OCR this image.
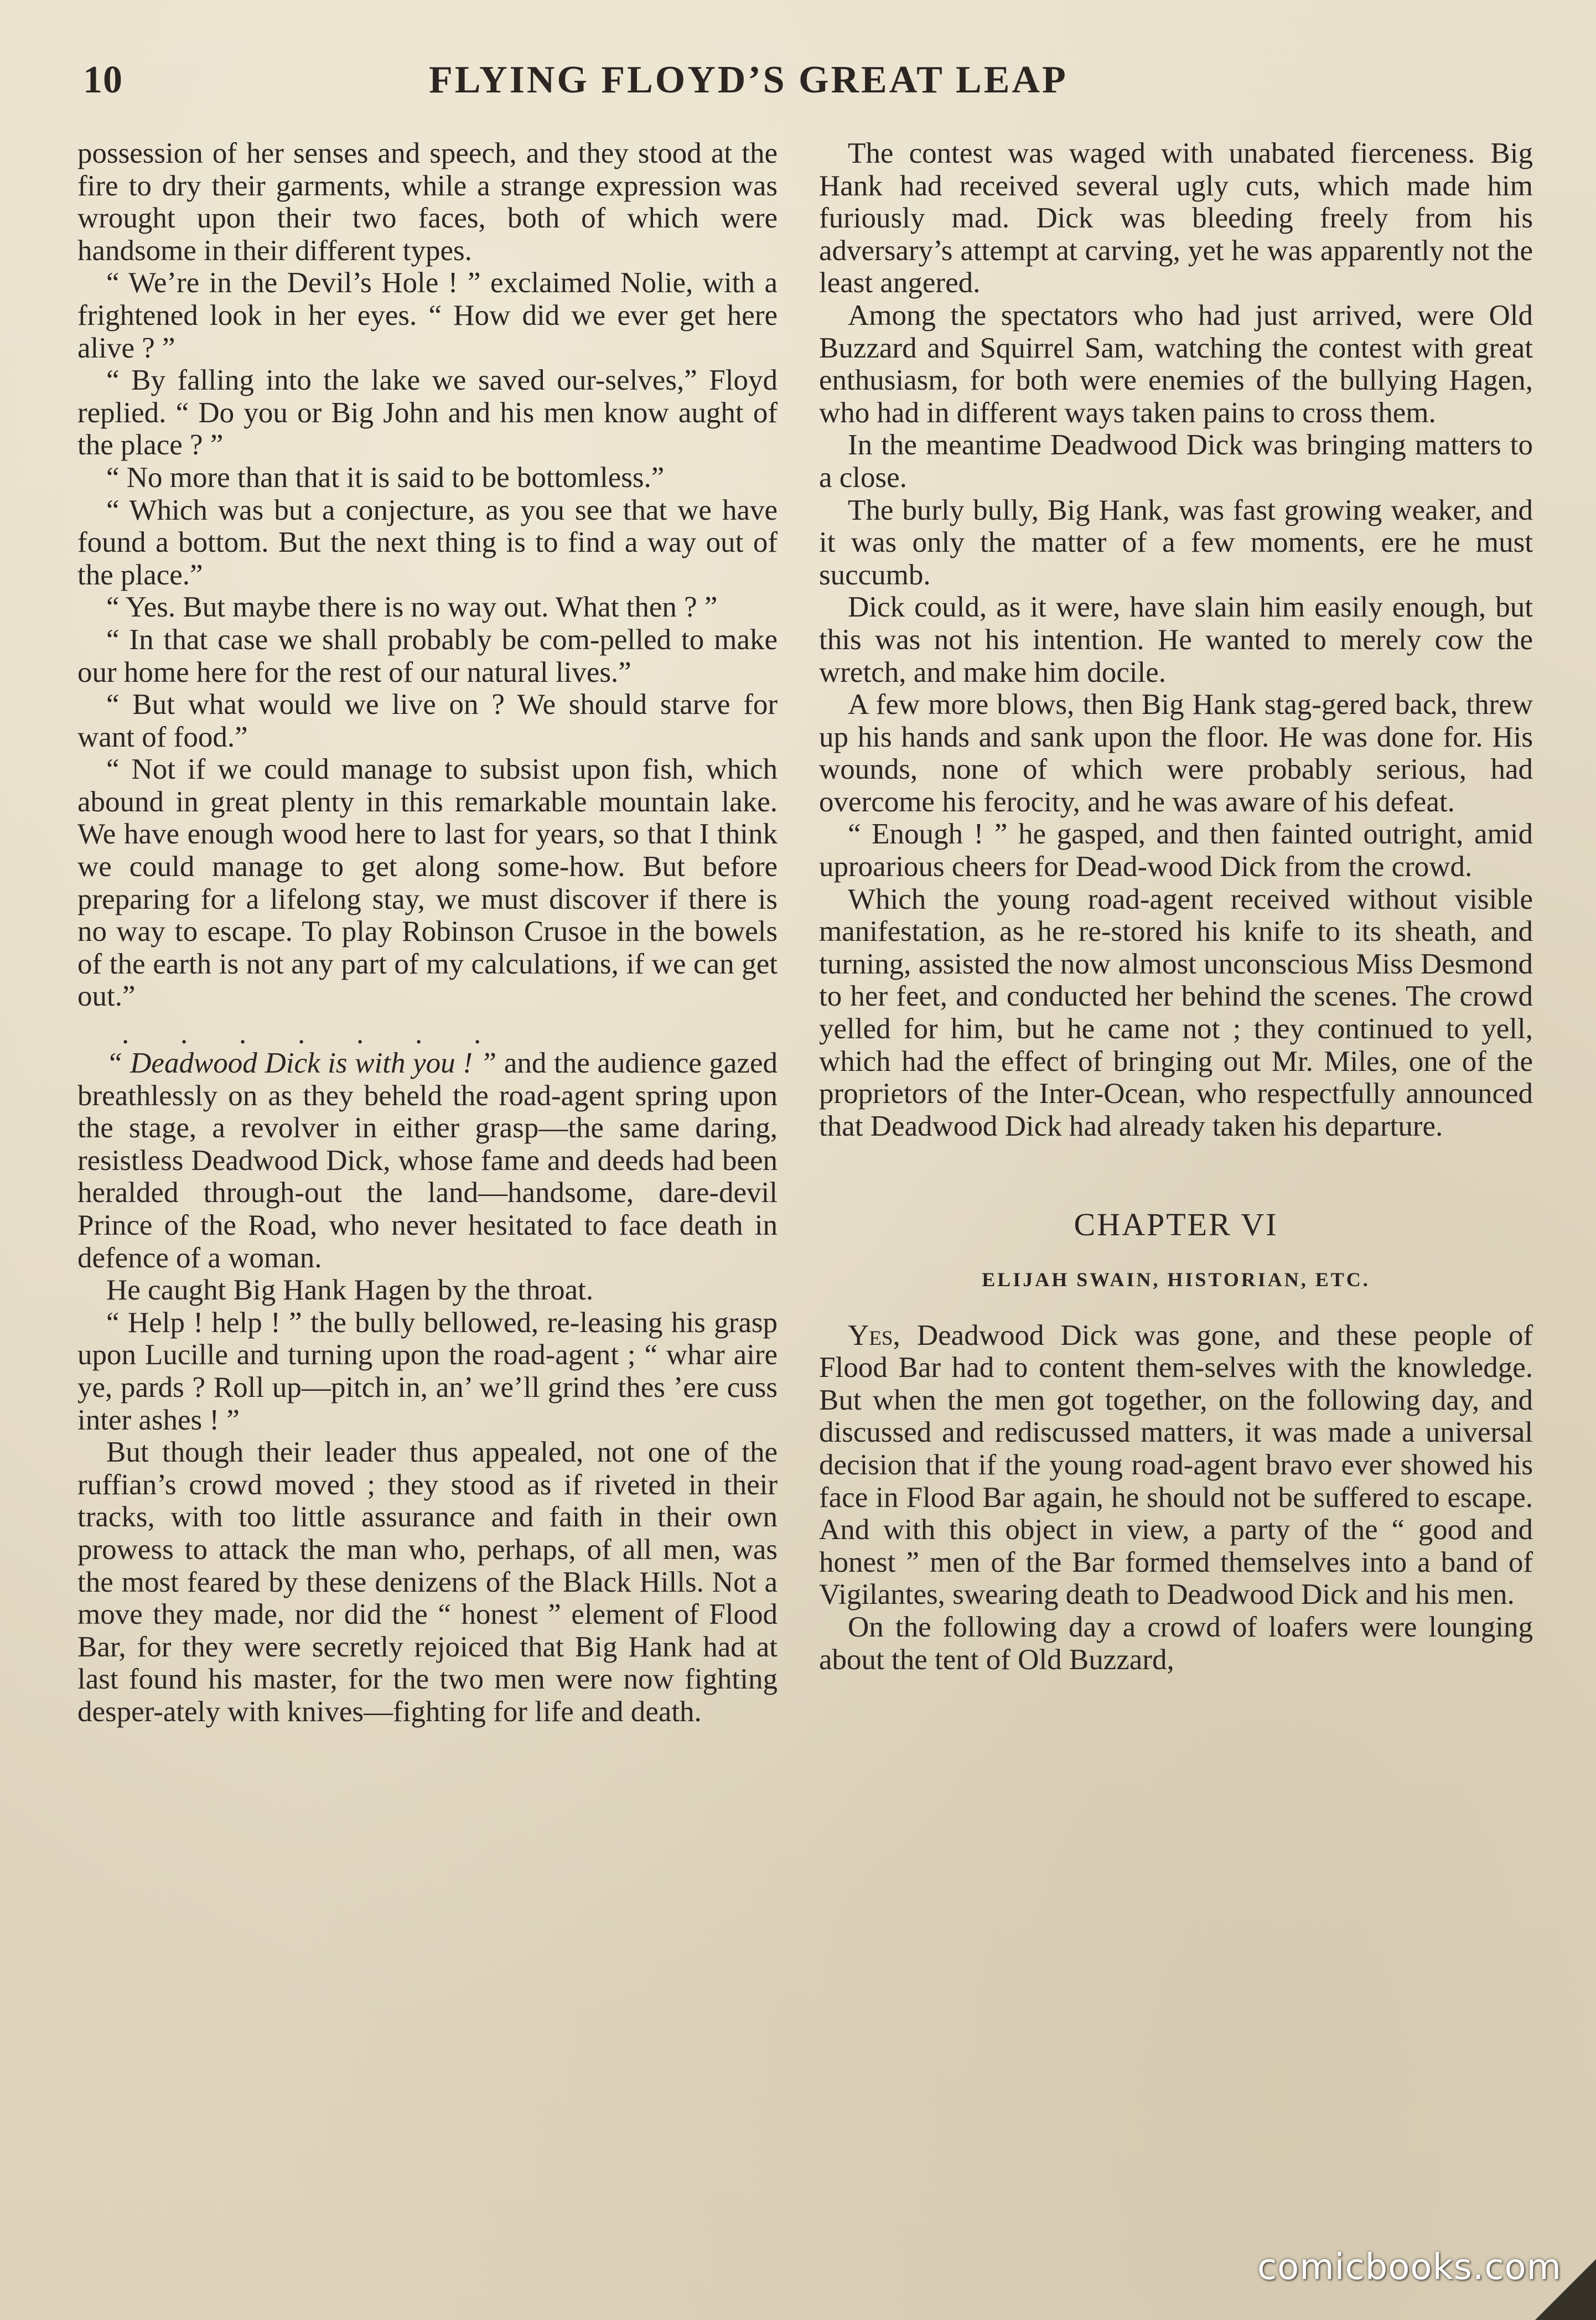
10	FLYING FLOYD’S GREAT LEAP

possession of her senses and speech, and they stood at the fire to dry their garments, while a strange expression was wrought upon their two faces, both of which were handsome in their different types.

“ We’re in the Devil’s Hole ! ” exclaimed Nolie, with a frightened look in her eyes. “ How did we ever get here alive ? ”

“ By falling into the lake we saved our-selves,” Floyd replied. “ Do you or Big John and his men know aught of the place ? ”

“ No more than that it is said to be bottomless.”

“ Which was but a conjecture, as you see that we have found a bottom. But the next thing is to find a way out of the place.”

“ Yes. But maybe there is no way out. What then ? ”

“ In that case we shall probably be com-pelled to make our home here for the rest of our natural lives.”

“ But what would we live on ? We should starve for want of food.”

“ Not if we could manage to subsist upon fish, which abound in great plenty in this remarkable mountain lake. We have enough wood here to last for years, so that I think we could manage to get along some-how. But before preparing for a lifelong stay, we must discover if there is no way to escape. To play Robinson Crusoe in the bowels of the earth is not any part of my calculations, if we can get out.”

.       .       .       .       .       .       .

“ Deadwood Dick is with you ! ” and the audience gazed breathlessly on as they beheld the road-agent spring upon the stage, a revolver in either grasp—the same daring, resistless Deadwood Dick, whose fame and deeds had been heralded through-out the land—handsome, dare-devil Prince of the Road, who never hesitated to face death in defence of a woman.

He caught Big Hank Hagen by the throat.

“ Help ! help ! ” the bully bellowed, re-leasing his grasp upon Lucille and turning upon the road-agent ; “ whar aire ye, pards ? Roll up—pitch in, an’ we’ll grind thes ’ere cuss inter ashes ! ”

But though their leader thus appealed, not one of the ruffian’s crowd moved ; they stood as if riveted in their tracks, with too little assurance and faith in their own prowess to attack the man who, perhaps, of all men, was the most feared by these denizens of the Black Hills. Not a move they made, nor did the “ honest ” element of Flood Bar, for they were secretly rejoiced that Big Hank had at last found his master, for the two men were now fighting desper-ately with knives—fighting for life and death.

The contest was waged with unabated fierceness. Big Hank had received several ugly cuts, which made him furiously mad. Dick was bleeding freely from his adversary’s attempt at carving, yet he was apparently not the least angered.

Among the spectators who had just arrived, were Old Buzzard and Squirrel Sam, watching the contest with great enthusiasm, for both were enemies of the bullying Hagen, who had in different ways taken pains to cross them.

In the meantime Deadwood Dick was bringing matters to a close.

The burly bully, Big Hank, was fast growing weaker, and it was only the matter of a few moments, ere he must succumb.

Dick could, as it were, have slain him easily enough, but this was not his intention. He wanted to merely cow the wretch, and make him docile.

A few more blows, then Big Hank stag-gered back, threw up his hands and sank upon the floor. He was done for. His wounds, none of which were probably serious, had overcome his ferocity, and he was aware of his defeat.

“ Enough ! ” he gasped, and then fainted outright, amid uproarious cheers for Dead-wood Dick from the crowd.

Which the young road-agent received without visible manifestation, as he re-stored his knife to its sheath, and turning, assisted the now almost unconscious Miss Desmond to her feet, and conducted her behind the scenes. The crowd yelled for him, but he came not ; they continued to yell, which had the effect of bringing out Mr. Miles, one of the proprietors of the Inter-Ocean, who respectfully announced that Deadwood Dick had already taken his departure.

CHAPTER VI
ELIJAH SWAIN, HISTORIAN, ETC.

Yes, Deadwood Dick was gone, and these people of Flood Bar had to content them-selves with the knowledge. But when the men got together, on the following day, and discussed and rediscussed matters, it was made a universal decision that if the young road-agent bravo ever showed his face in Flood Bar again, he should not be suffered to escape. And with this object in view, a party of the “ good and honest ” men of the Bar formed themselves into a band of Vigilantes, swearing death to Deadwood Dick and his men.

On the following day a crowd of loafers were lounging about the tent of Old Buzzard,

comicbooks.com
